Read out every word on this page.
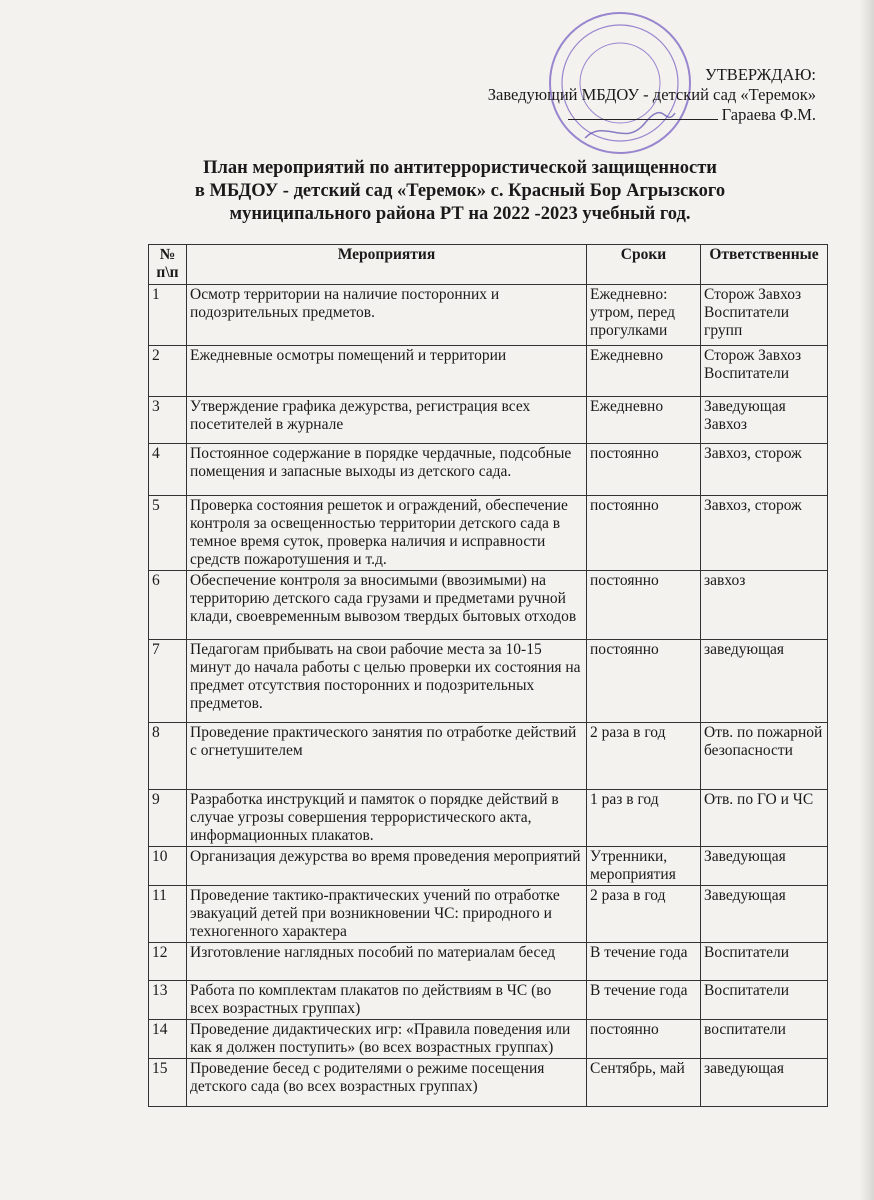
УТВЕРЖДАЮ:
Заведующий МБДОУ - детский сад «Теремок»
Гараева Ф.М.
План мероприятий по антитеррористической защищенности
в МБДОУ - детский сад «Теремок» с. Красный Бор Агрызского
муниципального района РТ на 2022 -2023 учебный год.
№ п\п	Мероприятия	Сроки	Ответственные
1	Осмотр территории на наличие посторонних и подозрительных предметов.	Ежедневно: утром, перед прогулками	Сторож Завхоз Воспитатели групп
2	Ежедневные осмотры помещений и территории	Ежедневно	Сторож Завхоз Воспитатели
3	Утверждение графика дежурства, регистрация всех посетителей в журнале	Ежедневно	Заведующая Завхоз
4	Постоянное содержание в порядке чердачные, подсобные помещения и запасные выходы из детского сада.	постоянно	Завхоз, сторож
5	Проверка состояния решеток и ограждений, обеспечение контроля за освещенностью территории детского сада в темное время суток, проверка наличия и исправности средств пожаротушения и т.д.	постоянно	Завхоз, сторож
6	Обеспечение контроля за вносимыми (ввозимыми) на территорию детского сада грузами и предметами ручной клади, своевременным вывозом твердых бытовых отходов	постоянно	завхоз
7	Педагогам прибывать на свои рабочие места за 10-15 минут до начала работы с целью проверки их состояния на предмет отсутствия посторонних и подозрительных предметов.	постоянно	заведующая
8	Проведение практического занятия по отработке действий с огнетушителем	2 раза в год	Отв. по пожарной безопасности
9	Разработка инструкций и памяток о порядке действий в случае угрозы совершения террористического акта, информационных плакатов.	1 раз в год	Отв. по ГО и ЧС
10	Организация дежурства во время проведения мероприятий	Утренники, мероприятия	Заведующая
11	Проведение тактико-практических учений по отработке эвакуаций детей при возникновении ЧС: природного и техногенного характера	2 раза в год	Заведующая
12	Изготовление наглядных пособий по материалам бесед	В течение года	Воспитатели
13	Работа по комплектам плакатов по действиям в ЧС (во всех возрастных группах)	В течение года	Воспитатели
14	Проведение дидактических игр: «Правила поведения или как я должен поступить» (во всех возрастных группах)	постоянно	воспитатели
15	Проведение бесед с родителями о режиме посещения детского сада (во всех возрастных группах)	Сентябрь, май	заведующая
